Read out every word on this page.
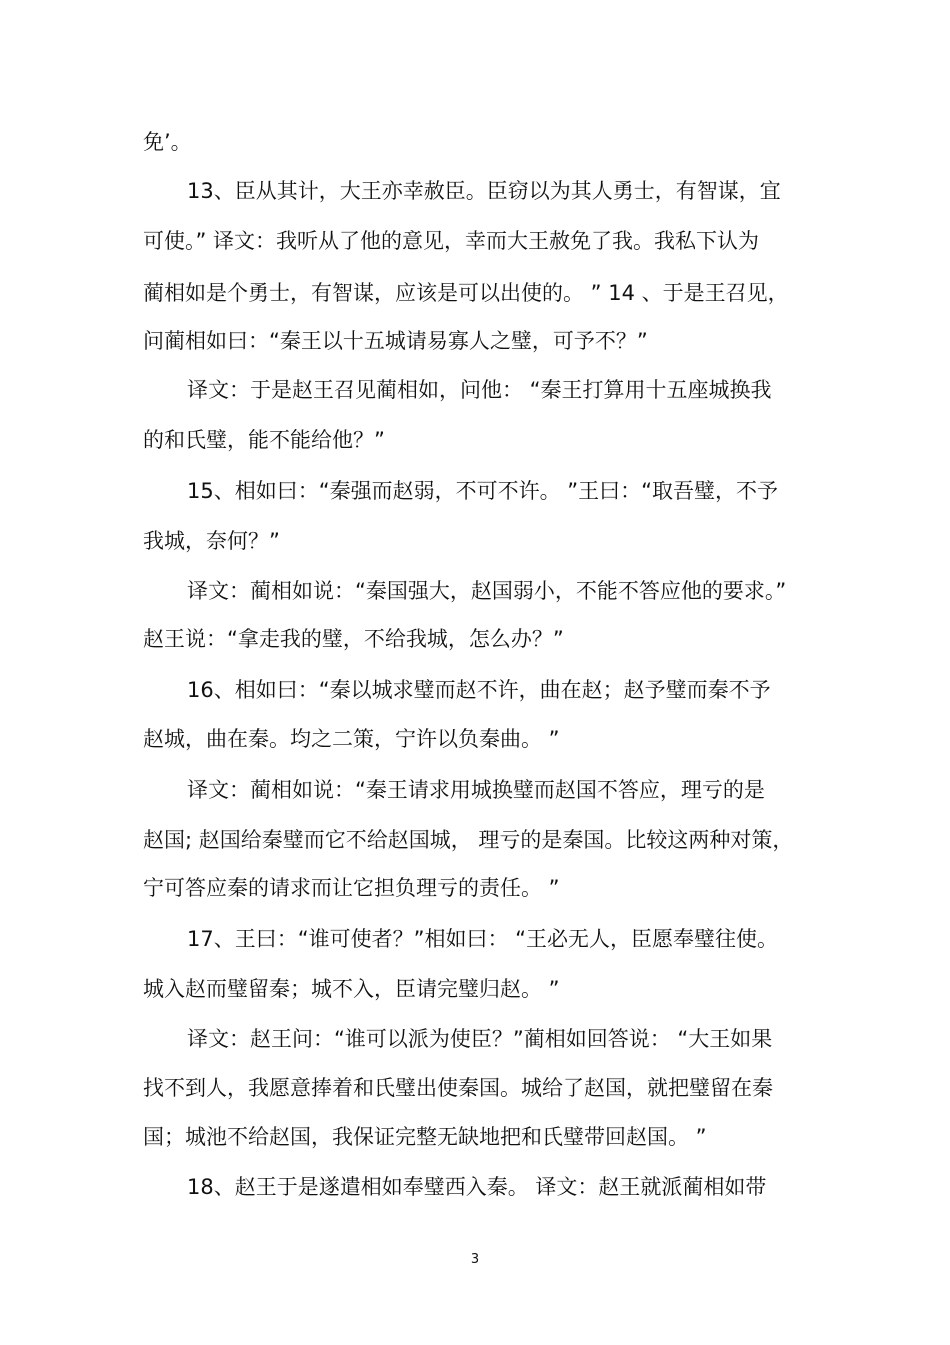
免’。
13、臣从其计，大王亦幸赦臣。臣窃以为其人勇士，有智谋，宜
可使。” 译文：我听从了他的意见，幸而大王赦免了我。我私下认为
蔺相如是个勇士，有智谋，应该是可以出使的。 ” 14 、于是王召见，
问蔺相如曰：“秦王以十五城请易寡人之璧，可予不？”
译文：于是赵王召见蔺相如，问他： “秦王打算用十五座城换我
的和氏璧，能不能给他？”
15、相如曰：“秦强而赵弱，不可不许。 ”王曰：“取吾璧，不予
我城，奈何？”
译文：蔺相如说：“秦国强大，赵国弱小，不能不答应他的要求。”
赵王说：“拿走我的璧，不给我城，怎么办？”
16、相如曰：“秦以城求璧而赵不许，曲在赵；赵予璧而秦不予
赵城，曲在秦。均之二策，宁许以负秦曲。 ”
译文：蔺相如说：“秦王请求用城换璧而赵国不答应，理亏的是
赵国; 赵国给秦璧而它不给赵国城， 理亏的是秦国。比较这两种对策，
宁可答应秦的请求而让它担负理亏的责任。 ”
17、王曰：“谁可使者？”相如曰： “王必无人，臣愿奉璧往使。
城入赵而璧留秦；城不入，臣请完璧归赵。 ”
译文：赵王问：“谁可以派为使臣？”蔺相如回答说： “大王如果
找不到人，我愿意捧着和氏璧出使秦国。城给了赵国，就把璧留在秦
国；城池不给赵国，我保证完整无缺地把和氏璧带回赵国。 ”
18、赵王于是遂遣相如奉璧西入秦。 译文：赵王就派蔺相如带
3
